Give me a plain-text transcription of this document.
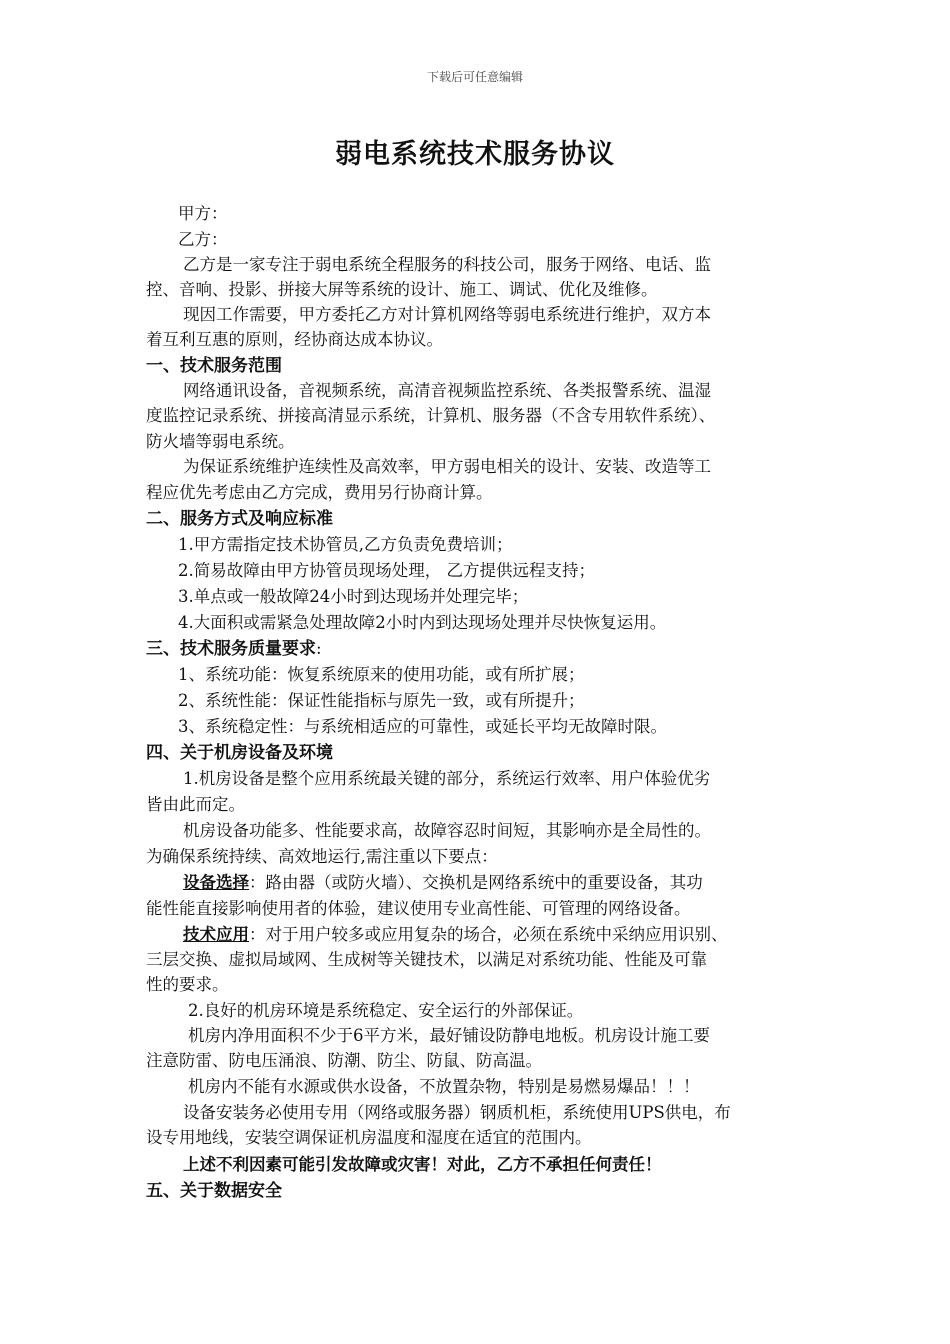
下载后可任意编辑
弱电系统技术服务协议
甲方：
乙方：
乙方是一家专注于弱电系统全程服务的科技公司，服务于网络、电话、监
控、音响、投影、拼接大屏等系统的设计、施工、调试、优化及维修。
现因工作需要，甲方委托乙方对计算机网络等弱电系统进行维护，双方本
着互利互惠的原则，经协商达成本协议。
一、技术服务范围
网络通讯设备，音视频系统，高清音视频监控系统、各类报警系统、温湿
度监控记录系统、拼接高清显示系统，计算机、服务器（不含专用软件系统）、
防火墙等弱电系统。
为保证系统维护连续性及高效率，甲方弱电相关的设计、安装、改造等工
程应优先考虑由乙方完成，费用另行协商计算。
二、服务方式及响应标准
1.甲方需指定技术协管员,乙方负责免费培训；
2.简易故障由甲方协管员现场处理， 乙方提供远程支持；
3.单点或一般故障24小时到达现场并处理完毕；
4.大面积或需紧急处理故障2小时内到达现场处理并尽快恢复运用。
三、技术服务质量要求:
1、系统功能：恢复系统原来的使用功能，或有所扩展；
2、系统性能：保证性能指标与原先一致，或有所提升；
3、系统稳定性：与系统相适应的可靠性，或延长平均无故障时限。
四、关于机房设备及环境
1.机房设备是整个应用系统最关键的部分，系统运行效率、用户体验优劣
皆由此而定。
机房设备功能多、性能要求高，故障容忍时间短，其影响亦是全局性的。
为确保系统持续、高效地运行,需注重以下要点：
设备选择：路由器（或防火墙）、交换机是网络系统中的重要设备，其功
能性能直接影响使用者的体验，建议使用专业高性能、可管理的网络设备。
技术应用：对于用户较多或应用复杂的场合，必须在系统中采纳应用识别、
三层交换、虚拟局域网、生成树等关键技术，以满足对系统功能、性能及可靠
性的要求。
2.良好的机房环境是系统稳定、安全运行的外部保证。
机房内净用面积不少于6平方米，最好铺设防静电地板。机房设计施工要
注意防雷、防电压涌浪、防潮、防尘、防鼠、防高温。
机房内不能有水源或供水设备，不放置杂物，特别是易燃易爆品！！！
设备安装务必使用专用（网络或服务器）钢质机柜，系统使用UPS供电，布
设专用地线，安装空调保证机房温度和湿度在适宜的范围内。
上述不利因素可能引发故障或灾害！对此，乙方不承担任何责任！
五、关于数据安全
